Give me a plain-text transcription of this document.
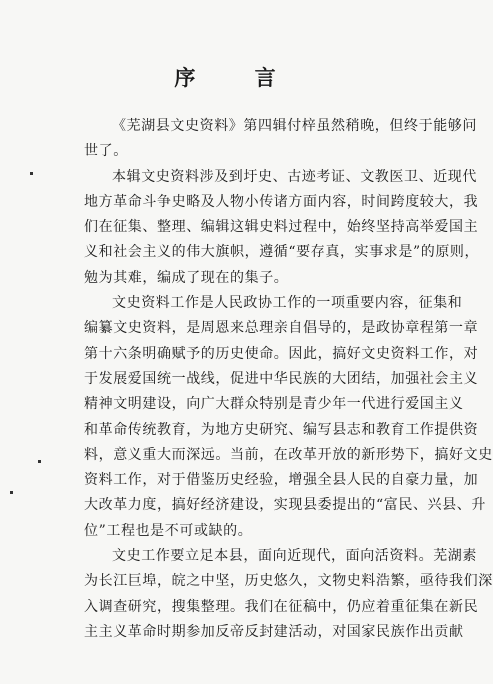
序 言
《芜湖县文史资料》第四辑付梓虽然稍晚，但终于能够问
世了。
本辑文史资料涉及到圩史、古迹考证、文教医卫、近现代
地方革命斗争史略及人物小传诸方面内容，时间跨度较大，我
们在征集、整理、编辑这辑史料过程中，始终坚持高举爱国主
义和社会主义的伟大旗帜，遵循“要存真，实事求是”的原则，
勉为其难，编成了现在的集子。
文史资料工作是人民政协工作的一项重要内容，征集和
编纂文史资料，是周恩来总理亲自倡导的，是政协章程第一章
第十六条明确赋予的历史使命。因此，搞好文史资料工作，对
于发展爱国统一战线，促进中华民族的大团结，加强社会主义
精神文明建设，向广大群众特别是青少年一代进行爱国主义
和革命传统教育，为地方史研究、编写县志和教育工作提供资
料，意义重大而深远。当前，在改革开放的新形势下，搞好文史
资料工作，对于借鉴历史经验，增强全县人民的自豪力量，加
大改革力度，搞好经济建设，实现县委提出的“富民、兴县、升
位”工程也是不可或缺的。
文史工作要立足本县，面向近现代，面向活资料。芜湖素
为长江巨埠，皖之中坚，历史悠久，文物史料浩繁，亟待我们深
入调查研究，搜集整理。我们在征稿中，仍应着重征集在新民
主主义革命时期参加反帝反封建活动，对国家民族作出贡献
